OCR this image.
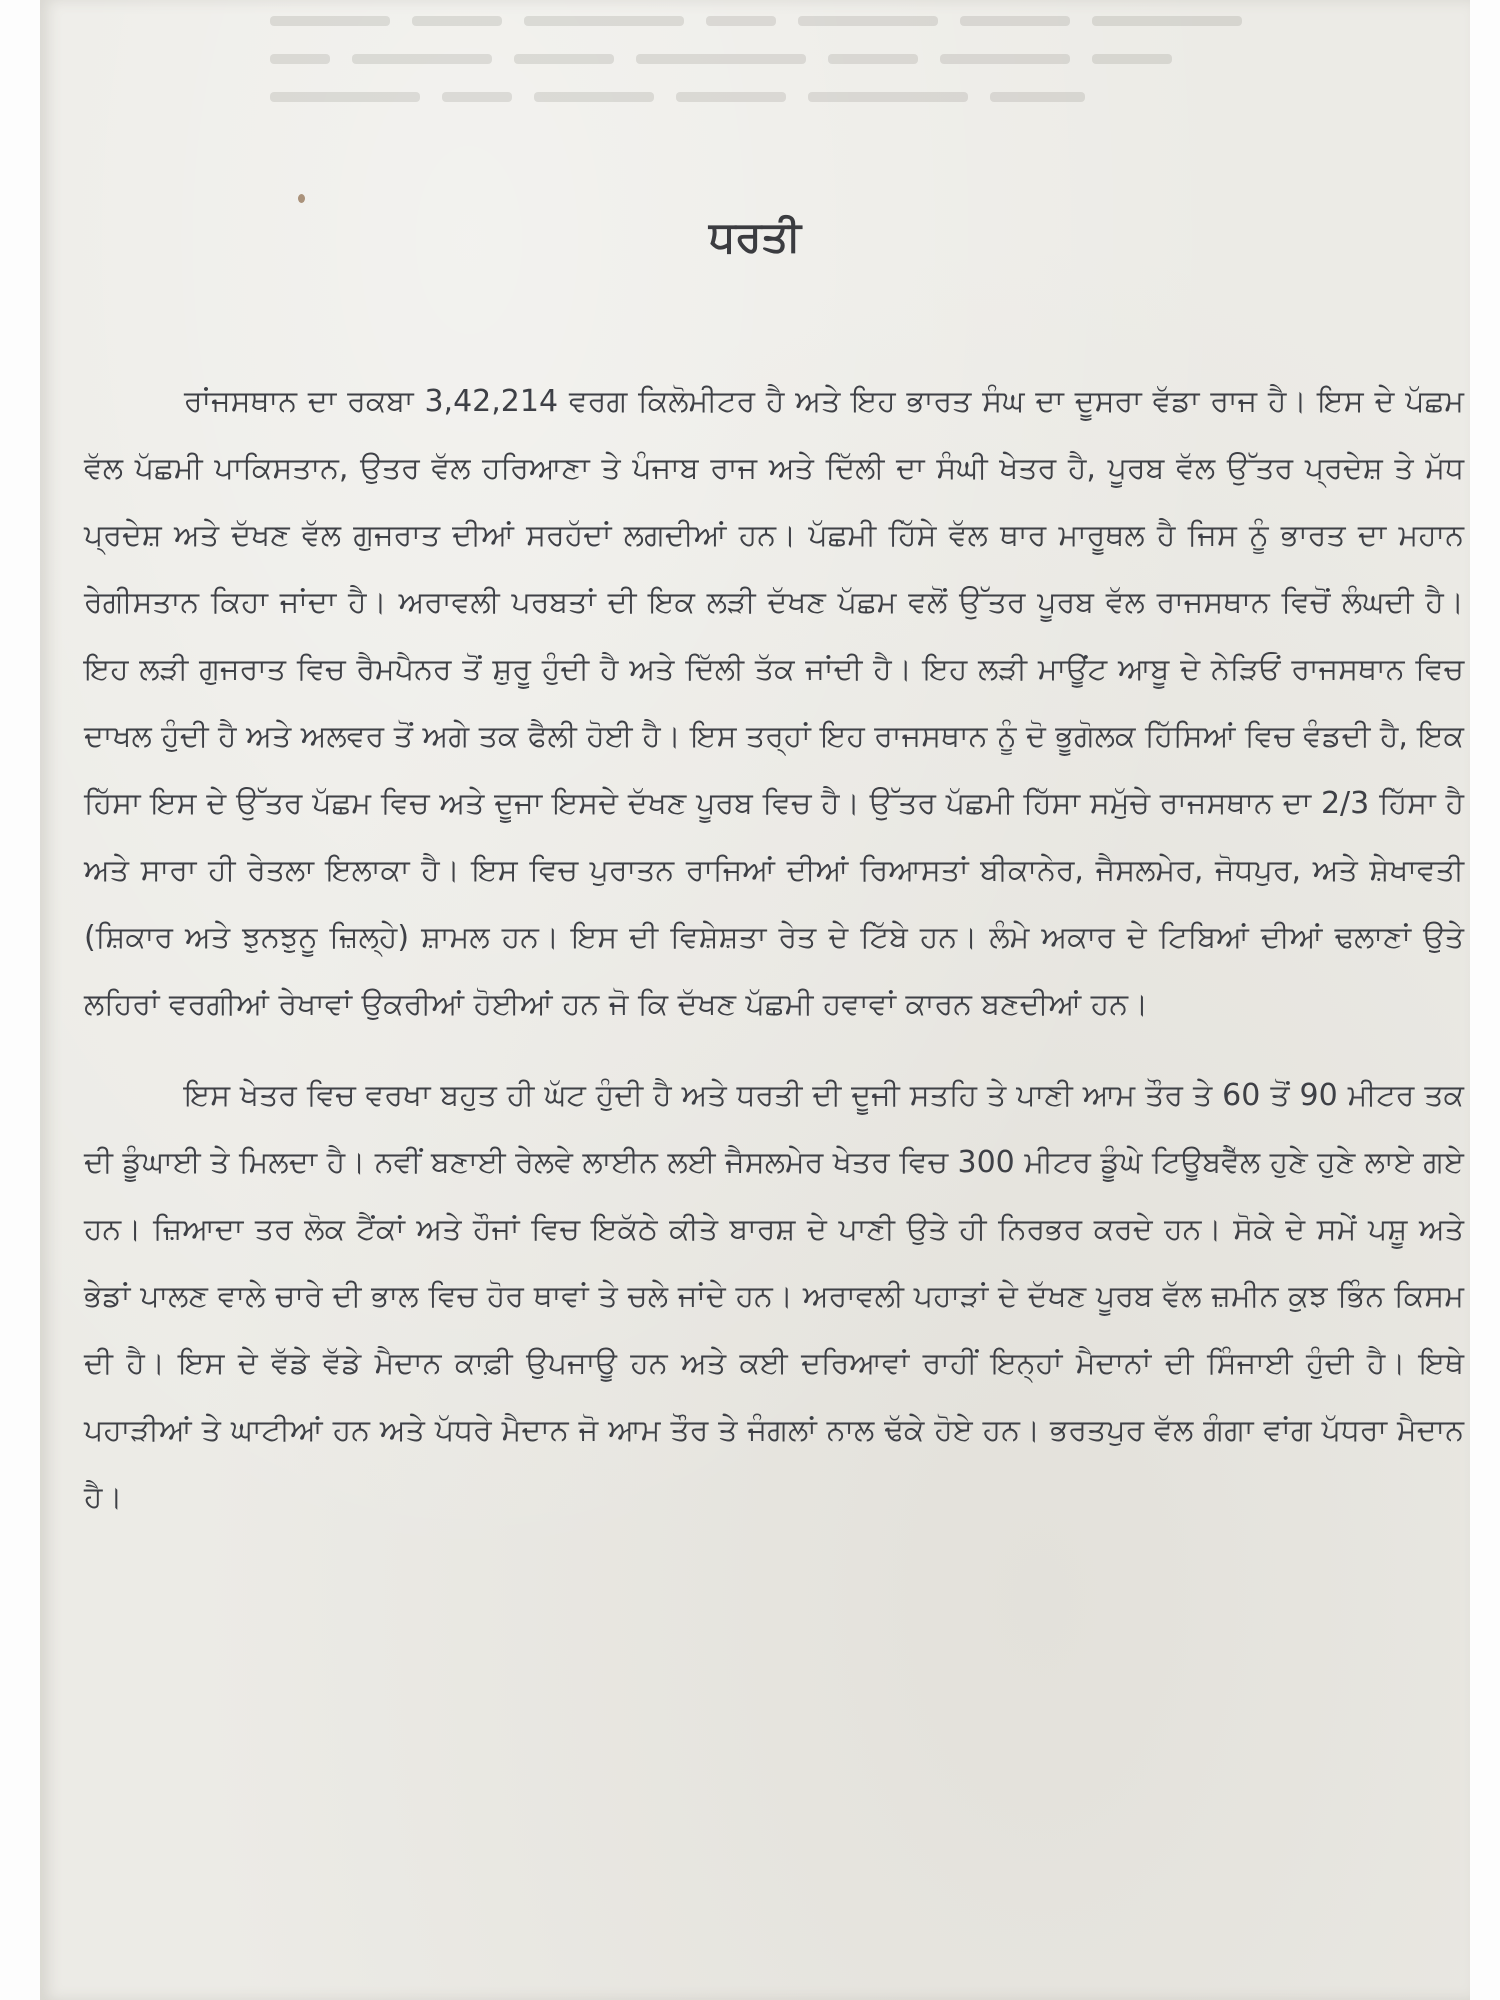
ਧਰਤੀ

ਰਾਂਜਸਥਾਨ ਦਾ ਰਕਬਾ 3,42,214 ਵਰਗ ਕਿਲੋਮੀਟਰ ਹੈ ਅਤੇ ਇਹ ਭਾਰਤ ਸੰਘ ਦਾ ਦੂਸਰਾ ਵੱਡਾ ਰਾਜ ਹੈ। ਇਸ ਦੇ ਪੱਛਮ ਵੱਲ ਪੱਛਮੀ ਪਾਕਿਸਤਾਨ, ਉਤਰ ਵੱਲ ਹਰਿਆਣਾ ਤੇ ਪੰਜਾਬ ਰਾਜ ਅਤੇ ਦਿੱਲੀ ਦਾ ਸੰਘੀ ਖੇਤਰ ਹੈ, ਪੂਰਬ ਵੱਲ ਉੱਤਰ ਪ੍ਰਦੇਸ਼ ਤੇ ਮੱਧ ਪ੍ਰਦੇਸ਼ ਅਤੇ ਦੱਖਣ ਵੱਲ ਗੁਜਰਾਤ ਦੀਆਂ ਸਰਹੱਦਾਂ ਲਗਦੀਆਂ ਹਨ। ਪੱਛਮੀ ਹਿੱਸੇ ਵੱਲ ਥਾਰ ਮਾਰੂਥਲ ਹੈ ਜਿਸ ਨੂੰ ਭਾਰਤ ਦਾ ਮਹਾਨ ਰੇਗੀਸਤਾਨ ਕਿਹਾ ਜਾਂਦਾ ਹੈ। ਅਰਾਵਲੀ ਪਰਬਤਾਂ ਦੀ ਇਕ ਲੜੀ ਦੱਖਣ ਪੱਛਮ ਵਲੋਂ ਉੱਤਰ ਪੂਰਬ ਵੱਲ ਰਾਜਸਥਾਨ ਵਿਚੋਂ ਲੰਘਦੀ ਹੈ। ਇਹ ਲੜੀ ਗੁਜਰਾਤ ਵਿਚ ਰੈਮਪੈਨਰ ਤੋਂ ਸ਼ੁਰੂ ਹੁੰਦੀ ਹੈ ਅਤੇ ਦਿੱਲੀ ਤੱਕ ਜਾਂਦੀ ਹੈ। ਇਹ ਲੜੀ ਮਾਊਂਟ ਆਬੂ ਦੇ ਨੇੜਿਓਂ ਰਾਜਸਥਾਨ ਵਿਚ ਦਾਖਲ ਹੁੰਦੀ ਹੈ ਅਤੇ ਅਲਵਰ ਤੋਂ ਅਗੇ ਤਕ ਫੈਲੀ ਹੋਈ ਹੈ। ਇਸ ਤਰ੍ਹਾਂ ਇਹ ਰਾਜਸਥਾਨ ਨੂੰ ਦੋ ਭੂਗੋਲਕ ਹਿੱਸਿਆਂ ਵਿਚ ਵੰਡਦੀ ਹੈ, ਇਕ ਹਿੱਸਾ ਇਸ ਦੇ ਉੱਤਰ ਪੱਛਮ ਵਿਚ ਅਤੇ ਦੂਜਾ ਇਸਦੇ ਦੱਖਣ ਪੂਰਬ ਵਿਚ ਹੈ। ਉੱਤਰ ਪੱਛਮੀ ਹਿੱਸਾ ਸਮੁੱਚੇ ਰਾਜਸਥਾਨ ਦਾ 2/3 ਹਿੱਸਾ ਹੈ ਅਤੇ ਸਾਰਾ ਹੀ ਰੇਤਲਾ ਇਲਾਕਾ ਹੈ। ਇਸ ਵਿਚ ਪੁਰਾਤਨ ਰਾਜਿਆਂ ਦੀਆਂ ਰਿਆਸਤਾਂ ਬੀਕਾਨੇਰ, ਜੈਸਲਮੇਰ, ਜੋਧਪੁਰ, ਅਤੇ ਸ਼ੇਖਾਵਤੀ (ਸ਼ਿਕਾਰ ਅਤੇ ਝੁਨਝੁਨੂ ਜ਼ਿਲ੍ਹੇ) ਸ਼ਾਮਲ ਹਨ। ਇਸ ਦੀ ਵਿਸ਼ੇਸ਼ਤਾ ਰੇਤ ਦੇ ਟਿੱਬੇ ਹਨ। ਲੰਮੇ ਅਕਾਰ ਦੇ ਟਿਬਿਆਂ ਦੀਆਂ ਢਲਾਣਾਂ ਉਤੇ ਲਹਿਰਾਂ ਵਰਗੀਆਂ ਰੇਖਾਵਾਂ ਉਕਰੀਆਂ ਹੋਈਆਂ ਹਨ ਜੋ ਕਿ ਦੱਖਣ ਪੱਛਮੀ ਹਵਾਵਾਂ ਕਾਰਨ ਬਣਦੀਆਂ ਹਨ।

ਇਸ ਖੇਤਰ ਵਿਚ ਵਰਖਾ ਬਹੁਤ ਹੀ ਘੱਟ ਹੁੰਦੀ ਹੈ ਅਤੇ ਧਰਤੀ ਦੀ ਦੂਜੀ ਸਤਹਿ ਤੇ ਪਾਣੀ ਆਮ ਤੌਰ ਤੇ 60 ਤੋਂ 90 ਮੀਟਰ ਤਕ ਦੀ ਡੂੰਘਾਈ ਤੇ ਮਿਲਦਾ ਹੈ। ਨਵੀਂ ਬਣਾਈ ਰੇਲਵੇ ਲਾਈਨ ਲਈ ਜੈਸਲਮੇਰ ਖੇਤਰ ਵਿਚ 300 ਮੀਟਰ ਡੂੰਘੇ ਟਿਊਬਵੈੱਲ ਹੁਣੇ ਹੁਣੇ ਲਾਏ ਗਏ ਹਨ। ਜ਼ਿਆਦਾ ਤਰ ਲੋਕ ਟੈਂਕਾਂ ਅਤੇ ਹੌਜਾਂ ਵਿਚ ਇਕੱਠੇ ਕੀਤੇ ਬਾਰਸ਼ ਦੇ ਪਾਣੀ ਉਤੇ ਹੀ ਨਿਰਭਰ ਕਰਦੇ ਹਨ। ਸੋਕੇ ਦੇ ਸਮੇਂ ਪਸ਼ੂ ਅਤੇ ਭੇਡਾਂ ਪਾਲਣ ਵਾਲੇ ਚਾਰੇ ਦੀ ਭਾਲ ਵਿਚ ਹੋਰ ਥਾਵਾਂ ਤੇ ਚਲੇ ਜਾਂਦੇ ਹਨ। ਅਰਾਵਲੀ ਪਹਾੜਾਂ ਦੇ ਦੱਖਣ ਪੂਰਬ ਵੱਲ ਜ਼ਮੀਨ ਕੁਝ ਭਿੰਨ ਕਿਸਮ ਦੀ ਹੈ। ਇਸ ਦੇ ਵੱਡੇ ਵੱਡੇ ਮੈਦਾਨ ਕਾਫ਼ੀ ਉਪਜਾਊ ਹਨ ਅਤੇ ਕਈ ਦਰਿਆਵਾਂ ਰਾਹੀਂ ਇਨ੍ਹਾਂ ਮੈਦਾਨਾਂ ਦੀ ਸਿੰਜਾਈ ਹੁੰਦੀ ਹੈ। ਇਥੇ ਪਹਾੜੀਆਂ ਤੇ ਘਾਟੀਆਂ ਹਨ ਅਤੇ ਪੱਧਰੇ ਮੈਦਾਨ ਜੋ ਆਮ ਤੌਰ ਤੇ ਜੰਗਲਾਂ ਨਾਲ ਢੱਕੇ ਹੋਏ ਹਨ। ਭਰਤਪੁਰ ਵੱਲ ਗੰਗਾ ਵਾਂਗ ਪੱਧਰਾ ਮੈਦਾਨ ਹੈ।
